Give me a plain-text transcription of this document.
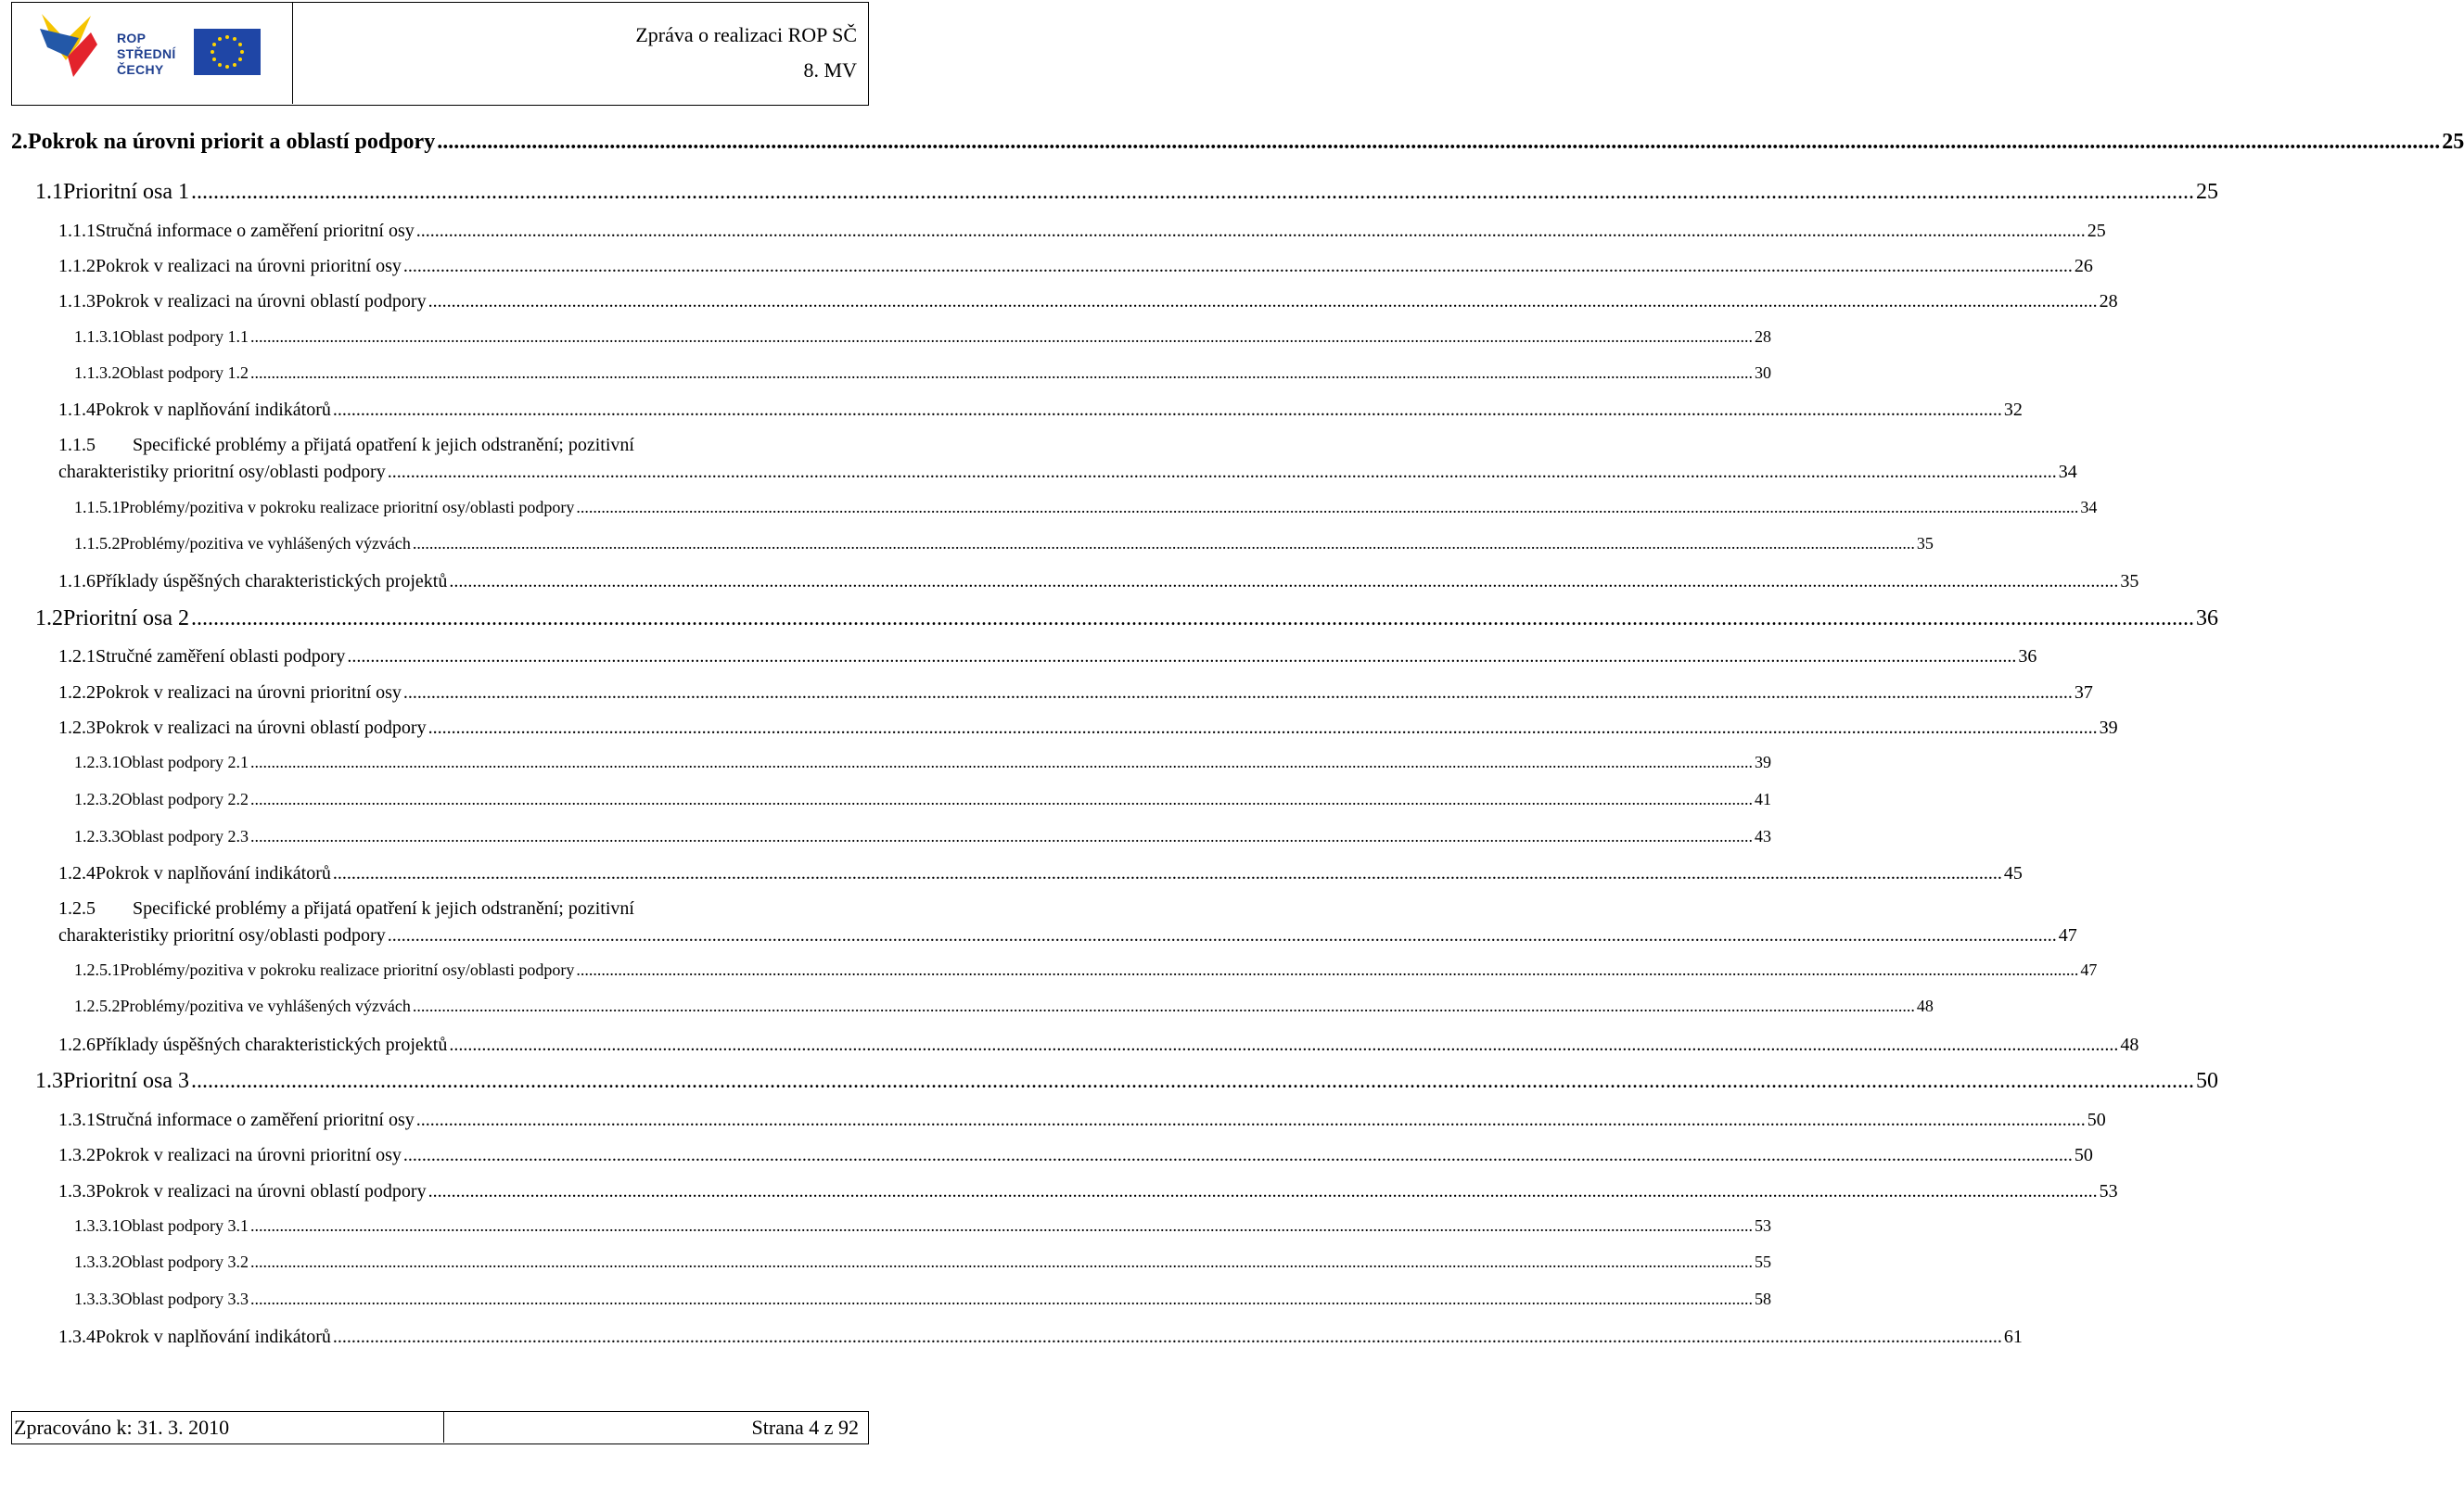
ROP
STŘEDNÍ
ČECHY
Zpráva o realizaci ROP SČ
8. MV
2. Pokrok na úrovni priorit a oblastí podpory .....	25
1.1 Prioritní osa 1 .....	25
1.1.1 Stručná informace o zaměření prioritní osy .....	25
1.1.2 Pokrok v realizaci na úrovni prioritní osy .....	26
1.1.3 Pokrok v realizaci na úrovni oblastí podpory .....	28
1.1.3.1 Oblast podpory 1.1 .....	28
1.1.3.2 Oblast podpory 1.2 .....	30
1.1.4 Pokrok v naplňování indikátorů .....	32
1.1.5	Specifické problémy a přijatá opatření k jejich odstranění; pozitivní
charakteristiky prioritní osy/oblasti podpory .....	34
1.1.5.1 Problémy/pozitiva v pokroku realizace prioritní osy/oblasti podpory .....	34
1.1.5.2 Problémy/pozitiva ve vyhlášených výzvách .....	35
1.1.6 Příklady úspěšných charakteristických projektů .....	35
1.2 Prioritní osa 2 .....	36
1.2.1 Stručné zaměření oblasti podpory .....	36
1.2.2 Pokrok v realizaci na úrovni prioritní osy .....	37
1.2.3 Pokrok v realizaci na úrovni oblastí podpory .....	39
1.2.3.1 Oblast podpory 2.1 .....	39
1.2.3.2 Oblast podpory 2.2 .....	41
1.2.3.3 Oblast podpory 2.3 .....	43
1.2.4 Pokrok v naplňování indikátorů .....	45
1.2.5	Specifické problémy a přijatá opatření k jejich odstranění; pozitivní
charakteristiky prioritní osy/oblasti podpory .....	47
1.2.5.1 Problémy/pozitiva v pokroku realizace prioritní osy/oblasti podpory .....	47
1.2.5.2 Problémy/pozitiva ve vyhlášených výzvách .....	48
1.2.6 Příklady úspěšných charakteristických projektů .....	48
1.3 Prioritní osa 3 .....	50
1.3.1 Stručná informace o zaměření prioritní osy .....	50
1.3.2 Pokrok v realizaci na úrovni prioritní osy .....	50
1.3.3 Pokrok v realizaci na úrovni oblastí podpory .....	53
1.3.3.1 Oblast podpory 3.1 .....	53
1.3.3.2 Oblast podpory 3.2 .....	55
1.3.3.3 Oblast podpory 3.3 .....	58
1.3.4 Pokrok v naplňování indikátorů .....	61
Zpracováno k: 31. 3. 2010	Strana 4 z 92
